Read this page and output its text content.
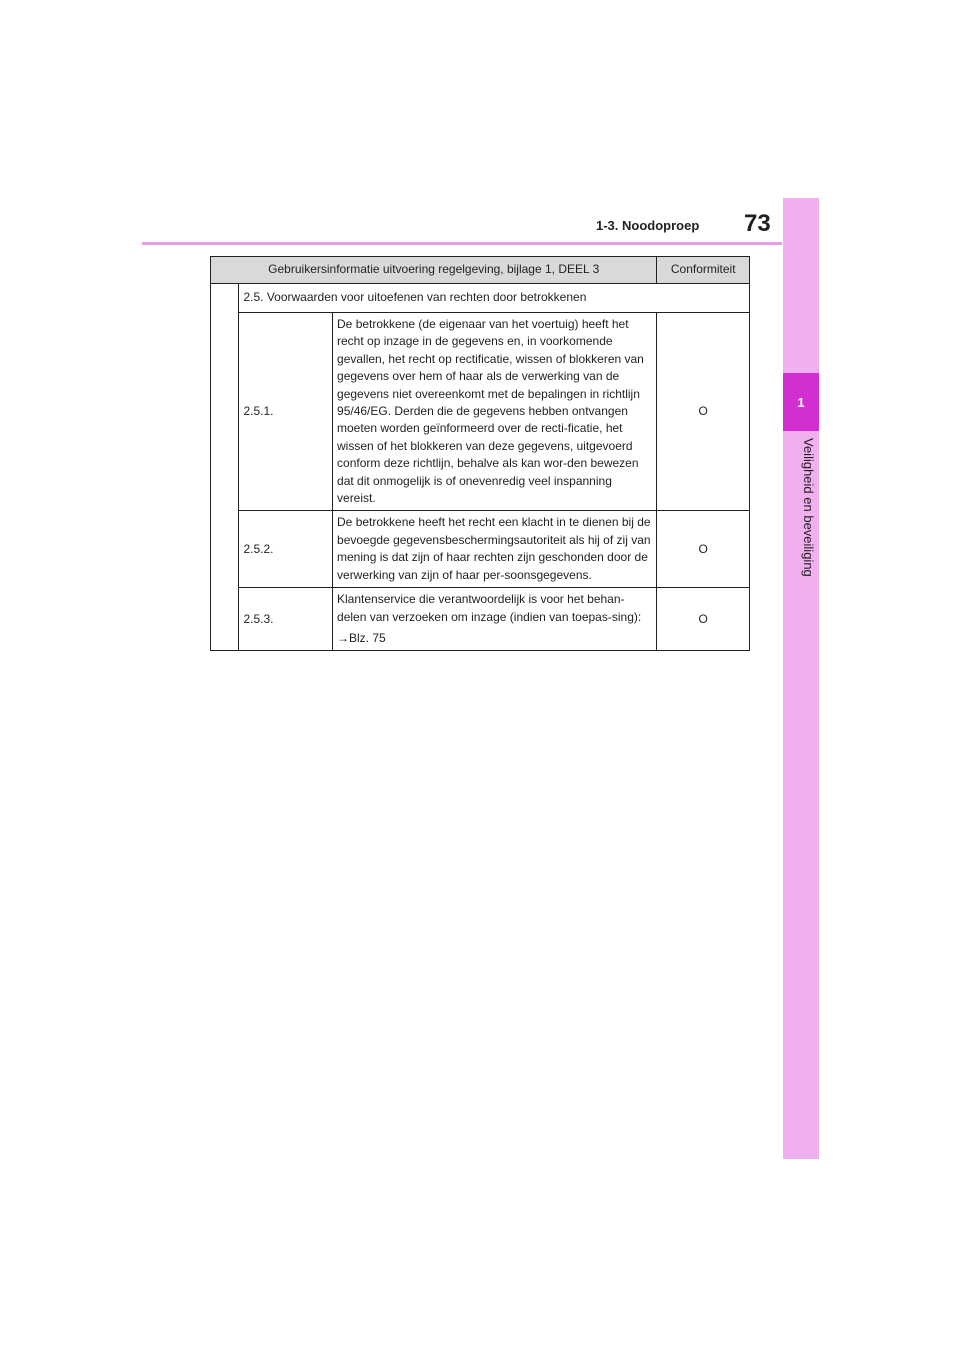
1-3. Noodoproep 73
1
Veiligheid en beveiliging
Gebruikersinformatie uitvoering regelgeving, bijlage 1, DEEL 3			Conformiteit
	2.5. Voorwaarden voor uitoefenen van rechten door betrokkenen		
	2.5.1.	De betrokkene (de eigenaar van het voertuig) heeft het recht op inzage in de gegevens en, in voorkomende gevallen, het recht op rectificatie, wissen of blokkeren van gegevens over hem of haar als de verwerking van de gegevens niet overeenkomt met de bepalingen in richtlijn 95/46/EG. Derden die de gegevens hebben ontvangen moeten worden geïnformeerd over de recti-ficatie, het wissen of het blokkeren van deze gegevens, uitgevoerd conform deze richtlijn, behalve als kan wor-den bewezen dat dit onmogelijk is of onevenredig veel inspanning vereist.	O
	2.5.2.	De betrokkene heeft het recht een klacht in te dienen bij de bevoegde gegevensbeschermingsautoriteit als hij of zij van mening is dat zijn of haar rechten zijn geschonden door de verwerking van zijn of haar per-soonsgegevens.	O
	2.5.3.	Klantenservice die verantwoordelijk is voor het behan-delen van verzoeken om inzage (indien van toepas-sing):

→Blz. 75	O
